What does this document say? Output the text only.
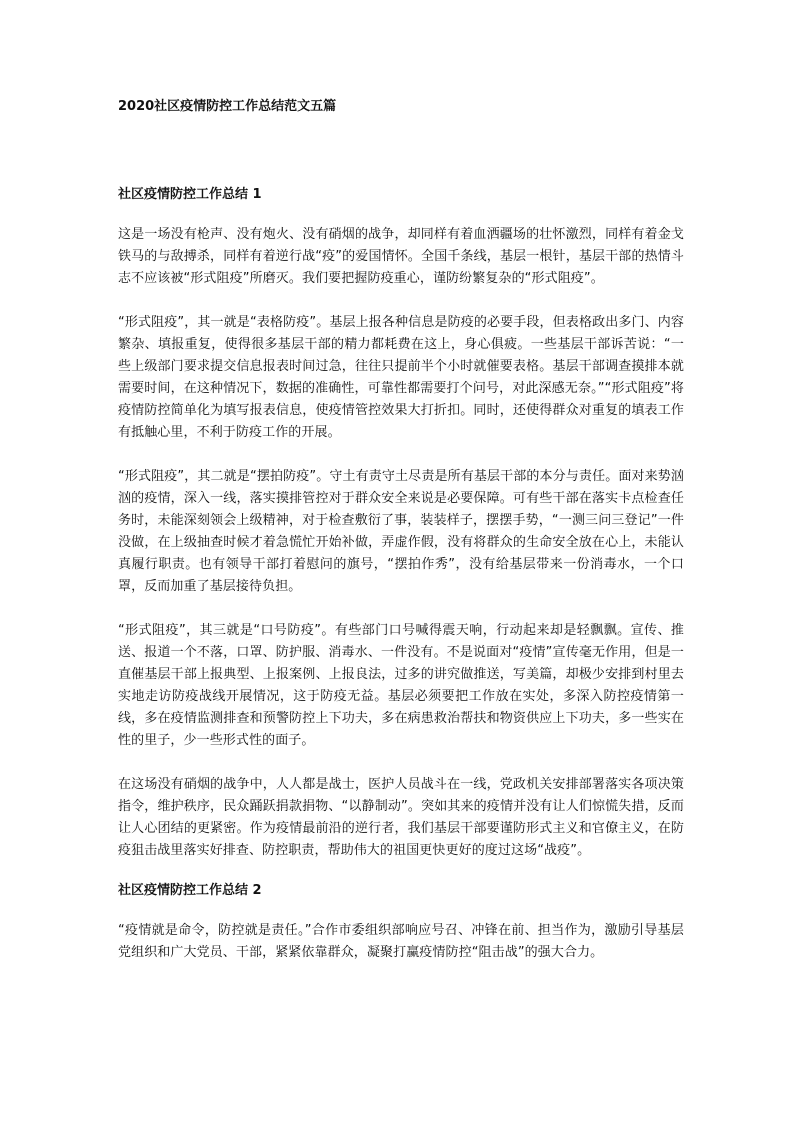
2020社区疫情防控工作总结范文五篇
社区疫情防控工作总结 1

这是一场没有枪声、没有炮火、没有硝烟的战争，却同样有着血洒疆场的壮怀激烈，同样有着金戈铁马的与敌搏杀，同样有着逆行战“疫”的爱国情怀。全国千条线，基层一根针，基层干部的热情斗志不应该被“形式阻疫”所磨灭。我们要把握防疫重心，谨防纷繁复杂的“形式阻疫”。

“形式阻疫”，其一就是“表格防疫”。基层上报各种信息是防疫的必要手段，但表格政出多门、内容繁杂、填报重复，使得很多基层干部的精力都耗费在这上，身心俱疲。一些基层干部诉苦说：“一些上级部门要求提交信息报表时间过急，往往只提前半个小时就催要表格。基层干部调查摸排本就需要时间，在这种情况下，数据的准确性，可靠性都需要打个问号，对此深感无奈。”“形式阻疫”将疫情防控简单化为填写报表信息，使疫情管控效果大打折扣。同时，还使得群众对重复的填表工作有抵触心里，不利于防疫工作的开展。

“形式阻疫”，其二就是“摆拍防疫”。守土有责守土尽责是所有基层干部的本分与责任。面对来势汹汹的疫情，深入一线，落实摸排管控对于群众安全来说是必要保障。可有些干部在落实卡点检查任务时，未能深刻领会上级精神，对于检查敷衍了事，装装样子，摆摆手势，“一测三问三登记”一件没做，在上级抽查时候才着急慌忙开始补做，弄虚作假，没有将群众的生命安全放在心上，未能认真履行职责。也有领导干部打着慰问的旗号，“摆拍作秀”，没有给基层带来一份消毒水，一个口罩，反而加重了基层接待负担。

“形式阻疫”，其三就是“口号防疫”。有些部门口号喊得震天响，行动起来却是轻飘飘。宣传、推送、报道一个不落，口罩、防护服、消毒水、一件没有。不是说面对“疫情”宣传毫无作用，但是一直催基层干部上报典型、上报案例、上报良法，过多的讲究做推送，写美篇，却极少安排到村里去实地走访防疫战线开展情况，这于防疫无益。基层必须要把工作放在实处，多深入防控疫情第一线，多在疫情监测排查和预警防控上下功夫，多在病患救治帮扶和物资供应上下功夫，多一些实在性的里子，少一些形式性的面子。

在这场没有硝烟的战争中，人人都是战士，医护人员战斗在一线，党政机关安排部署落实各项决策指令，维护秩序，民众踊跃捐款捐物、“以静制动”。突如其来的疫情并没有让人们惊慌失措，反而让人心团结的更紧密。作为疫情最前沿的逆行者，我们基层干部要谨防形式主义和官僚主义，在防疫狙击战里落实好排查、防控职责，帮助伟大的祖国更快更好的度过这场“战疫”。

社区疫情防控工作总结 2

“疫情就是命令，防控就是责任。”合作市委组织部响应号召、冲锋在前、担当作为，激励引导基层党组织和广大党员、干部，紧紧依靠群众，凝聚打赢疫情防控“阻击战”的强大合力。
